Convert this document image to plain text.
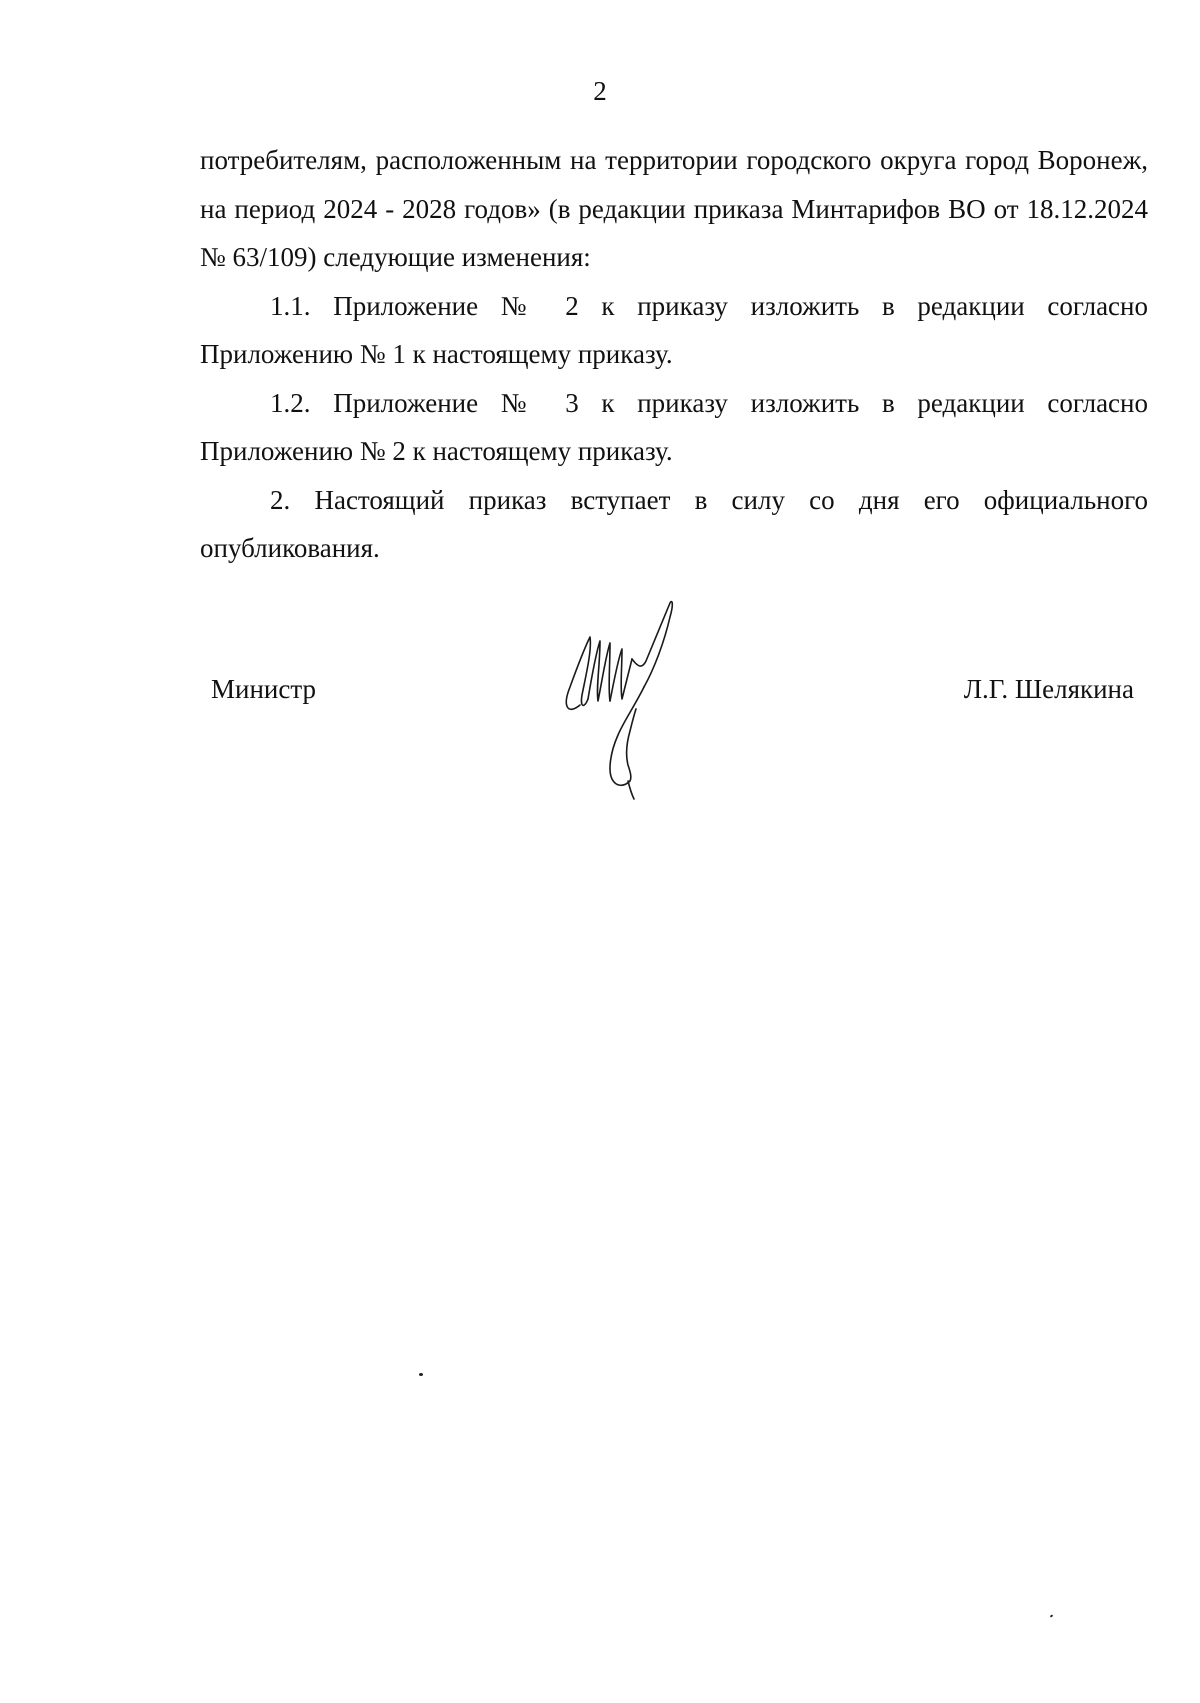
2

потребителям, расположенным на территории городского округа город Воронеж, на период 2024 - 2028 годов» (в редакции приказа Минтарифов ВО от 18.12.2024 № 63/109) следующие изменения:

1.1. Приложение № 2 к приказу изложить в редакции согласно Приложению № 1 к настоящему приказу.

1.2. Приложение № 3 к приказу изложить в редакции согласно Приложению № 2 к настоящему приказу.

2. Настоящий приказ вступает в силу со дня его официального опубликования.

Министр	Л.Г. Шелякина
